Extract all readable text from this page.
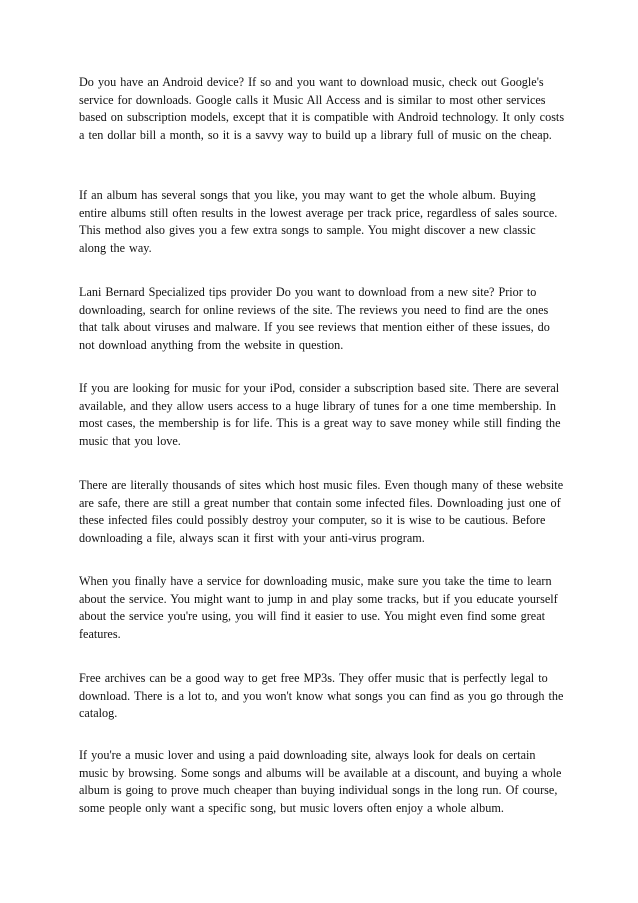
Do you have an Android device? If so and you want to download music, check out Google's service for downloads. Google calls it Music All Access and is similar to most other services based on subscription models, except that it is compatible with Android technology. It only costs a ten dollar bill a month, so it is a savvy way to build up a library full of music on the cheap.

If an album has several songs that you like, you may want to get the whole album. Buying entire albums still often results in the lowest average per track price, regardless of sales source. This method also gives you a few extra songs to sample. You might discover a new classic along the way.

Lani Bernard Specialized tips provider Do you want to download from a new site? Prior to downloading, search for online reviews of the site. The reviews you need to find are the ones that talk about viruses and malware. If you see reviews that mention either of these issues, do not download anything from the website in question.

If you are looking for music for your iPod, consider a subscription based site. There are several available, and they allow users access to a huge library of tunes for a one time membership. In most cases, the membership is for life. This is a great way to save money while still finding the music that you love.

There are literally thousands of sites which host music files. Even though many of these website are safe, there are still a great number that contain some infected files. Downloading just one of these infected files could possibly destroy your computer, so it is wise to be cautious. Before downloading a file, always scan it first with your anti-virus program.

When you finally have a service for downloading music, make sure you take the time to learn about the service. You might want to jump in and play some tracks, but if you educate yourself about the service you're using, you will find it easier to use. You might even find some great features.

Free archives can be a good way to get free MP3s. They offer music that is perfectly legal to download. There is a lot to, and you won't know what songs you can find as you go through the catalog.

If you're a music lover and using a paid downloading site, always look for deals on certain music by browsing. Some songs and albums will be available at a discount, and buying a whole album is going to prove much cheaper than buying individual songs in the long run. Of course, some people only want a specific song, but music lovers often enjoy a whole album.
